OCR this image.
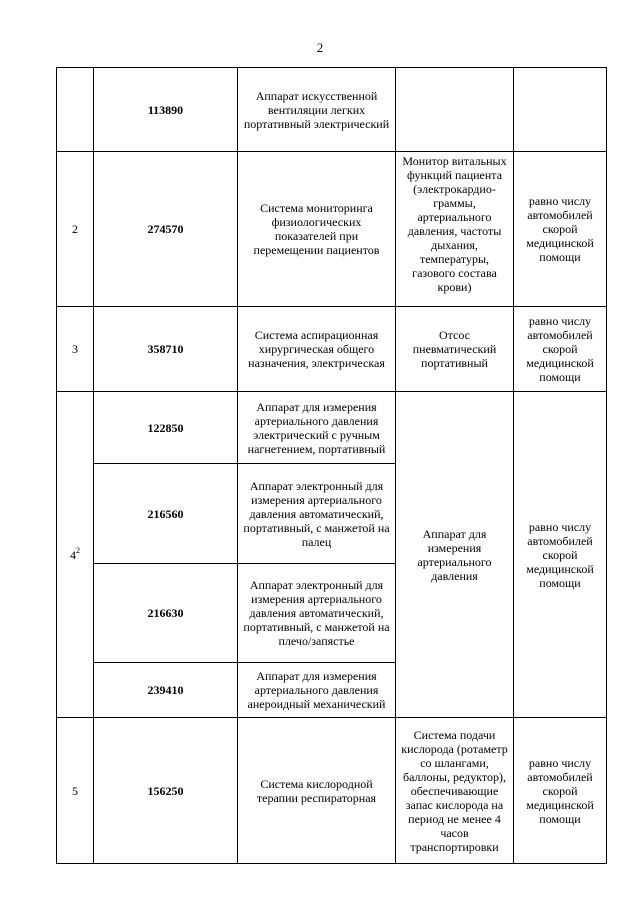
2
	113890	Аппарат искусственной вентиляции легких портативный электрический		
2	274570	Система мониторинга физиологических показателей при перемещении пациентов	Монитор витальных функций пациента (электрокардио-граммы, артериального давления, частоты дыхания, температуры, газового состава крови)	равно числу автомобилей скорой медицинской помощи
3	358710	Система аспирационная хирургическая общего назначения, электрическая	Отсос пневматический портативный	равно числу автомобилей скорой медицинской помощи
$4^2$	122850	Аппарат для измерения артериального давления электрический с ручным нагнетением, портативный	Аппарат для измерения артериального давления	равно числу автомобилей скорой медицинской помощи
	216560	Аппарат электронный для измерения артериального давления автоматический, портативный, с манжетой на палец		
	216630	Аппарат электронный для измерения артериального давления автоматический, портативный, с манжетой на плечо/запястье		
	239410	Аппарат для измерения артериального давления анероидный механический		
5	156250	Система кислородной терапии респираторная	Система подачи кислорода (ротаметр со шлангами, баллоны, редуктор), обеспечивающие запас кислорода на период не менее 4 часов транспортировки	равно числу автомобилей скорой медицинской помощи
